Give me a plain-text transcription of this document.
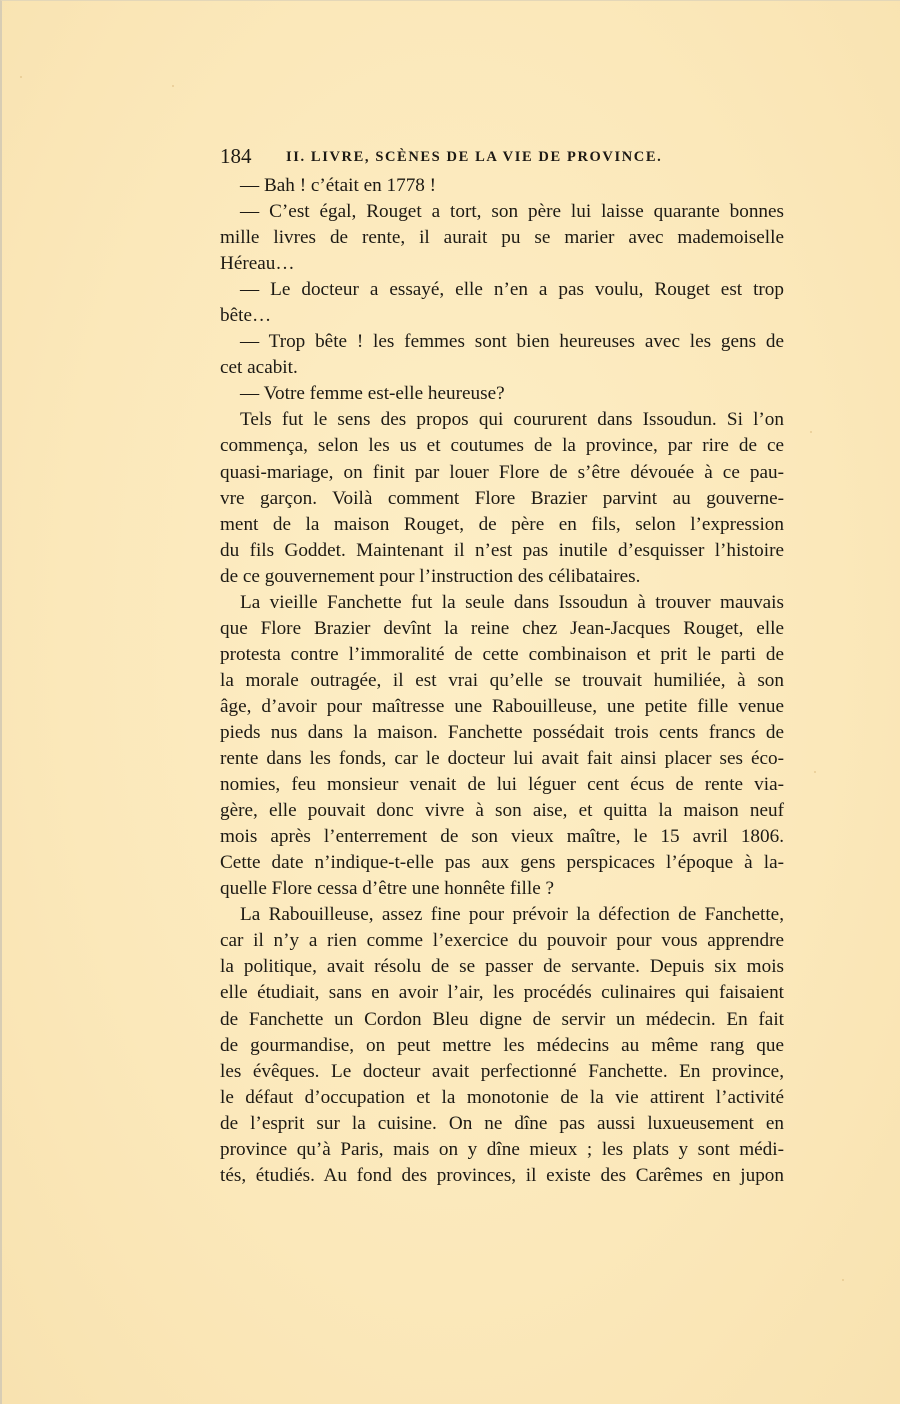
184 II. LIVRE, SCÈNES DE LA VIE DE PROVINCE.
— Bah ! c’était en 1778 !
— C’est égal, Rouget a tort, son père lui laisse quarante bonnes
mille livres de rente, il aurait pu se marier avec mademoiselle
Héreau…
— Le docteur a essayé, elle n’en a pas voulu, Rouget est trop
bête…
— Trop bête ! les femmes sont bien heureuses avec les gens de
cet acabit.
— Votre femme est-elle heureuse?
Tels fut le sens des propos qui coururent dans Issoudun. Si l’on
commença, selon les us et coutumes de la province, par rire de ce
quasi-mariage, on finit par louer Flore de s’être dévouée à ce pau-
vre garçon. Voilà comment Flore Brazier parvint au gouverne-
ment de la maison Rouget, de père en fils, selon l’expression
du fils Goddet. Maintenant il n’est pas inutile d’esquisser l’histoire
de ce gouvernement pour l’instruction des célibataires.
La vieille Fanchette fut la seule dans Issoudun à trouver mauvais
que Flore Brazier devînt la reine chez Jean-Jacques Rouget, elle
protesta contre l’immoralité de cette combinaison et prit le parti de
la morale outragée, il est vrai qu’elle se trouvait humiliée, à son
âge, d’avoir pour maîtresse une Rabouilleuse, une petite fille venue
pieds nus dans la maison. Fanchette possédait trois cents francs de
rente dans les fonds, car le docteur lui avait fait ainsi placer ses éco-
nomies, feu monsieur venait de lui léguer cent écus de rente via-
gère, elle pouvait donc vivre à son aise, et quitta la maison neuf
mois après l’enterrement de son vieux maître, le 15 avril 1806.
Cette date n’indique-t-elle pas aux gens perspicaces l’époque à la-
quelle Flore cessa d’être une honnête fille ?
La Rabouilleuse, assez fine pour prévoir la défection de Fanchette,
car il n’y a rien comme l’exercice du pouvoir pour vous apprendre
la politique, avait résolu de se passer de servante. Depuis six mois
elle étudiait, sans en avoir l’air, les procédés culinaires qui faisaient
de Fanchette un Cordon Bleu digne de servir un médecin. En fait
de gourmandise, on peut mettre les médecins au même rang que
les évêques. Le docteur avait perfectionné Fanchette. En province,
le défaut d’occupation et la monotonie de la vie attirent l’activité
de l’esprit sur la cuisine. On ne dîne pas aussi luxueusement en
province qu’à Paris, mais on y dîne mieux ; les plats y sont médi-
tés, étudiés. Au fond des provinces, il existe des Carêmes en jupon
